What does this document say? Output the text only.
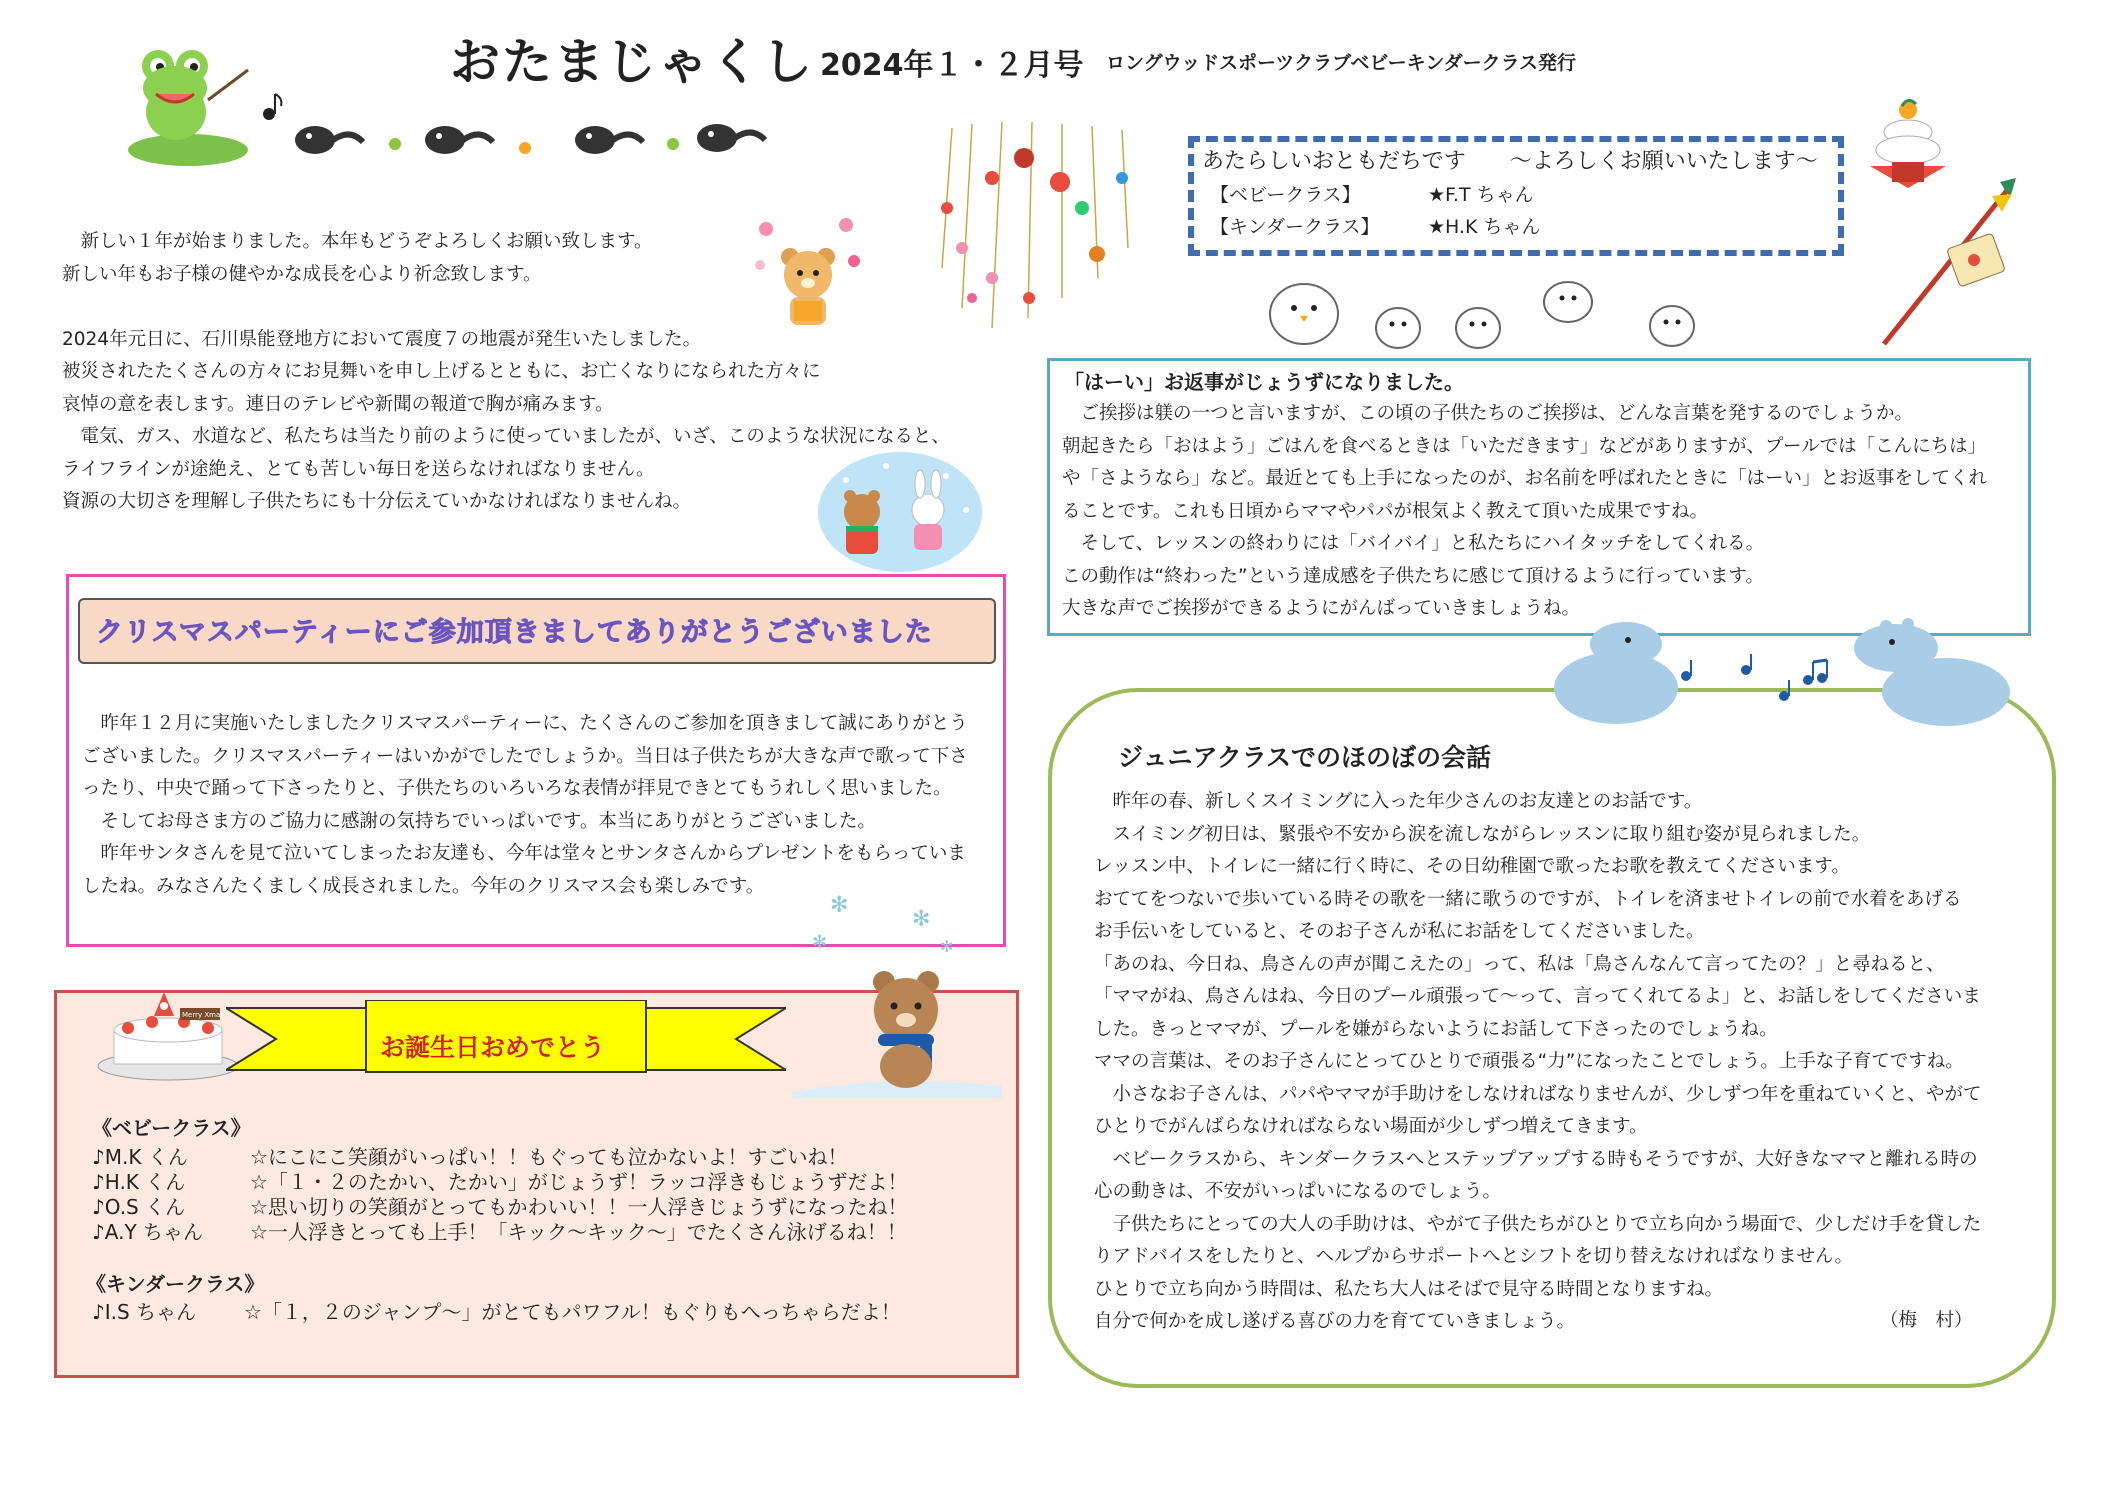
おたまじゃくし 2024年１・２月号 ロングウッドスポーツクラブベビーキンダークラス発行
あたらしいおともだちです　　～よろしくお願いいたします～
【ベビークラス】	★F.T ちゃん
【キンダークラス】	★H.K ちゃん
　新しい１年が始まりました。本年もどうぞよろしくお願い致します。
新しい年もお子様の健やかな成長を心より祈念致します。
2024年元日に、石川県能登地方において震度７の地震が発生いたしました。
被災されたたくさんの方々にお見舞いを申し上げるとともに、お亡くなりになられた方々に
哀悼の意を表します。連日のテレビや新聞の報道で胸が痛みます。
　電気、ガス、水道など、私たちは当たり前のように使っていましたが、いざ、このような状況になると、
ライフラインが途絶え、とても苦しい毎日を送らなければなりません。
資源の大切さを理解し子供たちにも十分伝えていかなければなりませんね。
「はーい」お返事がじょうずになりました。
　ご挨拶は躾の一つと言いますが、この頃の子供たちのご挨拶は、どんな言葉を発するのでしょうか。
朝起きたら「おはよう」ごはんを食べるときは「いただきます」などがありますが、プールでは「こんにちは」
や「さようなら」など。最近とても上手になったのが、お名前を呼ばれたときに「はーい」とお返事をしてくれ
ることです。これも日頃からママやパパが根気よく教えて頂いた成果ですね。
　そして、レッスンの終わりには「バイバイ」と私たちにハイタッチをしてくれる。
この動作は“終わった”という達成感を子供たちに感じて頂けるように行っています。
大きな声でご挨拶ができるようにがんばっていきましょうね。
クリスマスパーティーにご参加頂きましてありがとうございました
　昨年１２月に実施いたしましたクリスマスパーティーに、たくさんのご参加を頂きまして誠にありがとう
ございました。クリスマスパーティーはいかがでしたでしょうか。当日は子供たちが大きな声で歌って下さ
ったり、中央で踊って下さったりと、子供たちのいろいろな表情が拝見できとてもうれしく思いました。
　そしてお母さま方のご協力に感謝の気持ちでいっぱいです。本当にありがとうございました。
　昨年サンタさんを見て泣いてしまったお友達も、今年は堂々とサンタさんからプレゼントをもらっていま
したね。みなさんたくましく成長されました。今年のクリスマス会も楽しみです。
✻
✻
✻	✻
Merry Xmas
お誕生日おめでとう
《ベビークラス》
♪M.K くん	☆にこにこ笑顔がいっぱい！！もぐっても泣かないよ！すごいね！
♪H.K くん	☆「１・２のたかい、たかい」がじょうず！ラッコ浮きもじょうずだよ！
♪O.S くん	☆思い切りの笑顔がとってもかわいい！！一人浮きじょうずになったね！
♪A.Y ちゃん ☆一人浮きとっても上手！「キック～キック～」でたくさん泳げるね！！
《キンダークラス》
♪I.S ちゃん ☆「１，２のジャンプ～」がとてもパワフル！もぐりもへっちゃらだよ！
ジュニアクラスでのほのぼの会話
　昨年の春、新しくスイミングに入った年少さんのお友達とのお話です。
　スイミング初日は、緊張や不安から涙を流しながらレッスンに取り組む姿が見られました。
レッスン中、トイレに一緒に行く時に、その日幼稚園で歌ったお歌を教えてくださいます。
おててをつないで歩いている時その歌を一緒に歌うのですが、トイレを済ませトイレの前で水着をあげる
お手伝いをしていると、そのお子さんが私にお話をしてくださいました。
「あのね、今日ね、鳥さんの声が聞こえたの」って、私は「鳥さんなんて言ってたの？」と尋ねると、
「ママがね、鳥さんはね、今日のプール頑張って～って、言ってくれてるよ」と、お話しをしてくださいま
した。きっとママが、プールを嫌がらないようにお話して下さったのでしょうね。
ママの言葉は、そのお子さんにとってひとりで頑張る“力”になったことでしょう。上手な子育てですね。
　小さなお子さんは、パパやママが手助けをしなければなりませんが、少しずつ年を重ねていくと、やがて
ひとりでがんばらなければならない場面が少しずつ増えてきます。
　ベビークラスから、キンダークラスへとステップアップする時もそうですが、大好きなママと離れる時の
心の動きは、不安がいっぱいになるのでしょう。
　子供たちにとっての大人の手助けは、やがて子供たちがひとりで立ち向かう場面で、少しだけ手を貸した
りアドバイスをしたりと、ヘルプからサポートへとシフトを切り替えなければなりません。
ひとりで立ち向かう時間は、私たち大人はそばで見守る時間となりますね。
自分で何かを成し遂げる喜びの力を育てていきましょう。	（梅　村）
